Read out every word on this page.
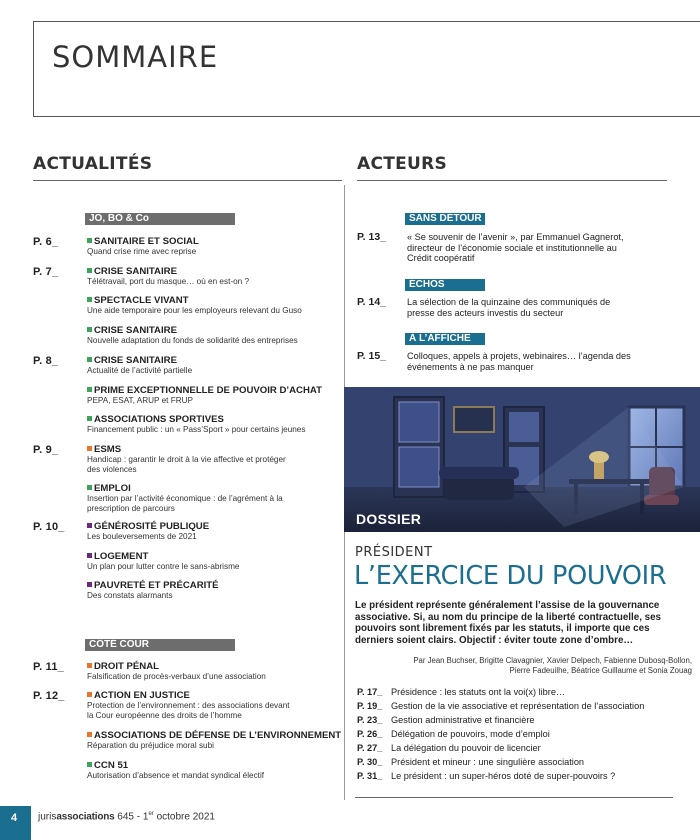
SOMMAIRE
ACTUALITÉS	ACTEURS
JO, BO & Co
P. 6_	SANITAIRE ET SOCIAL
Quand crise rime avec reprise
P. 7_	CRISE SANITAIRE
Télétravail, port du masque… où en est-on ?
SPECTACLE VIVANT
Une aide temporaire pour les employeurs relevant du Guso
CRISE SANITAIRE
Nouvelle adaptation du fonds de solidarité des entreprises
P. 8_	CRISE SANITAIRE
Actualité de l’activité partielle
PRIME EXCEPTIONNELLE DE POUVOIR D’ACHAT
PEPA, ESAT, ARUP et FRUP
ASSOCIATIONS SPORTIVES
Financement public : un « Pass’Sport » pour certains jeunes
P. 9_	ESMS
Handicap : garantir le droit à la vie affective et protéger
des violences
EMPLOI
Insertion par l’activité économique : de l’agrément à la
prescription de parcours
P. 10_	GÉNÉROSITÉ PUBLIQUE
Les bouleversements de 2021
LOGEMENT
Un plan pour lutter contre le sans-abrisme
PAUVRETÉ ET PRÉCARITÉ
Des constats alarmants
CÔTÉ COUR
P. 11_	DROIT PÉNAL
Falsification de procès-verbaux d’une association
P. 12_	ACTION EN JUSTICE
Protection de l’environnement : des associations devant
la Cour européenne des droits de l’homme
ASSOCIATIONS DE DÉFENSE DE L’ENVIRONNEMENT
Réparation du préjudice moral subi
CCN 51
Autorisation d’absence et mandat syndical électif
SANS DÉTOUR
P. 13_ « Se souvenir de l’avenir », par Emmanuel Gagnerot,
directeur de l’économie sociale et institutionnelle au
Crédit coopératif
ÉCHOS
P. 14_ La sélection de la quinzaine des communiqués de
presse des acteurs investis du secteur
À L’AFFICHE
P. 15_ Colloques, appels à projets, webinaires… l’agenda des
événements à ne pas manquer
DOSSIER
PRÉSIDENT
L’EXERCICE DU POUVOIR
Le président représente généralement l’assise de la gouvernance
associative. Si, au nom du principe de la liberté contractuelle, ses
pouvoirs sont librement fixés par les statuts, il importe que ces
derniers soient clairs. Objectif : éviter toute zone d’ombre…
Par Jean Buchser, Brigitte Clavagnier, Xavier Delpech, Fabienne Dubosq-Bollon,
Pierre Fadeuilhe, Béatrice Guillaume et Sonia Zouag
P. 17_ Présidence : les statuts ont la voi(x) libre…
P. 19_ Gestion de la vie associative et représentation de l’association
P. 23_ Gestion administrative et financière
P. 26_ Délégation de pouvoirs, mode d’emploi
P. 27_ La délégation du pouvoir de licencier
P. 30_ Président et mineur : une singulière association
P. 31_ Le président : un super-héros doté de super-pouvoirs ?
4	jurisassociations 645 - 1er octobre 2021
